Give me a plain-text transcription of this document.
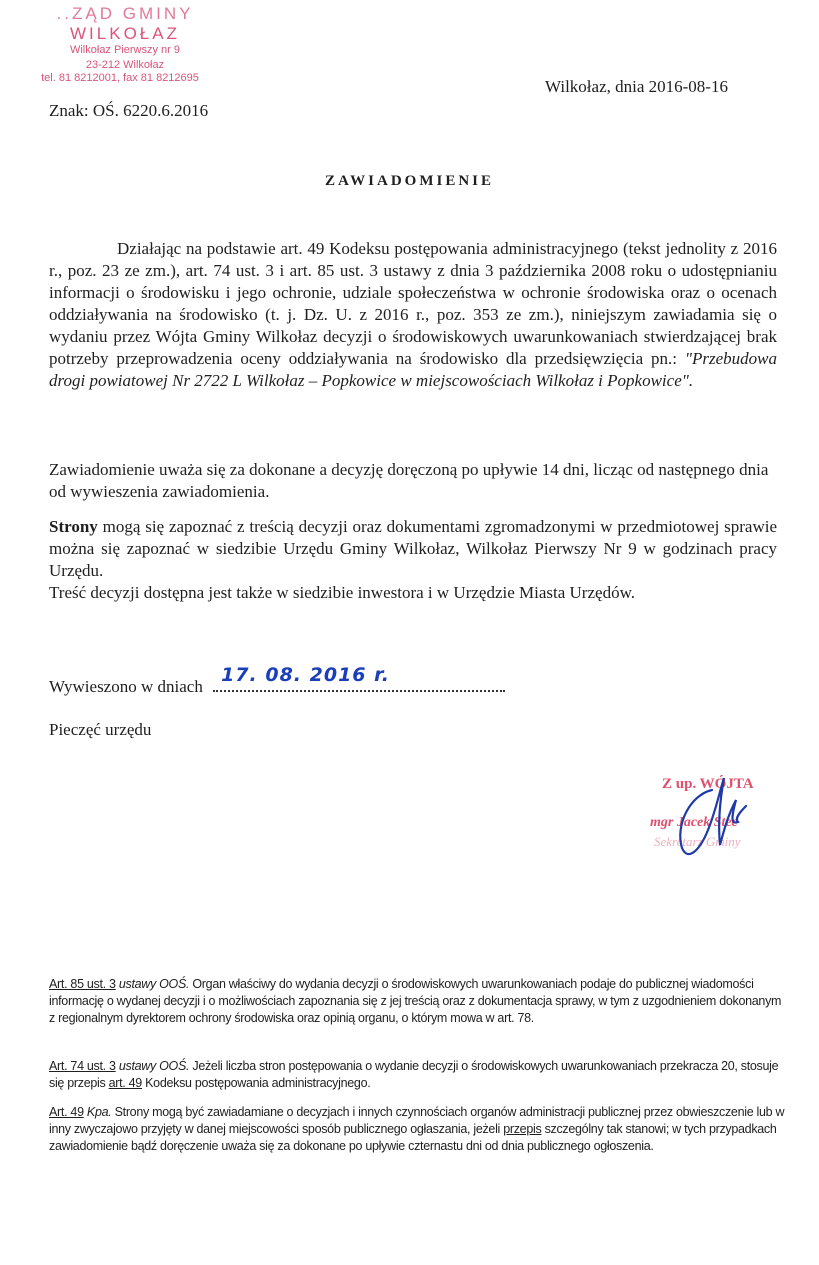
..ZĄD GMINY
WILKOŁAZ
Wilkołaz Pierwszy nr 9
23-212 Wilkołaz
tel. 81 8212001, fax 81 8212695
Znak: OŚ. 6220.6.2016
Wilkołaz, dnia 2016-08-16
ZAWIADOMIENIE
Działając na podstawie art. 49 Kodeksu postępowania administracyjnego (tekst jednolity z 2016 r., poz. 23 ze zm.), art. 74 ust. 3 i art. 85 ust. 3 ustawy z dnia 3 października 2008 roku o udostępnianiu informacji o środowisku i jego ochronie, udziale społeczeństwa w ochronie środowiska oraz o ocenach oddziaływania na środowisko (t. j. Dz. U. z 2016 r., poz. 353 ze zm.), niniejszym zawiadamia się o wydaniu przez Wójta Gminy Wilkołaz decyzji o środowiskowych uwarunkowaniach stwierdzającej brak potrzeby przeprowadzenia oceny oddziaływania na środowisko dla przedsięwzięcia pn.: "Przebudowa drogi powiatowej Nr 2722 L Wilkołaz – Popkowice w miejscowościach Wilkołaz i Popkowice".
Zawiadomienie uważa się za dokonane a decyzję doręczoną po upływie 14 dni, licząc od następnego dnia od wywieszenia zawiadomienia.
Strony mogą się zapoznać z treścią decyzji oraz dokumentami zgromadzonymi w przedmiotowej sprawie można się zapoznać w siedzibie Urzędu Gminy Wilkołaz, Wilkołaz Pierwszy Nr 9 w godzinach pracy Urzędu.
Treść decyzji dostępna jest także w siedzibie inwestora i w Urzędzie Miasta Urzędów.
Wywieszono w dniach
17. 08. 2016 r.
Pieczęć urzędu
Z up. WÓJTA
mgr Jacek Stec
Sekretarz Gminy
Art. 85 ust. 3 ustawy OOŚ. Organ właściwy do wydania decyzji o środowiskowych uwarunkowaniach podaje do publicznej wiadomości informację o wydanej decyzji i o możliwościach zapoznania się z jej treścią oraz z dokumentacja sprawy, w tym z uzgodnieniem dokonanym z regionalnym dyrektorem ochrony środowiska oraz opinią organu, o którym mowa w art. 78.
Art. 74 ust. 3 ustawy OOŚ. Jeżeli liczba stron postępowania o wydanie decyzji o środowiskowych uwarunkowaniach przekracza 20, stosuje się przepis art. 49 Kodeksu postępowania administracyjnego.
Art. 49 Kpa. Strony mogą być zawiadamiane o decyzjach i innych czynnościach organów administracji publicznej przez obwieszczenie lub w inny zwyczajowo przyjęty w danej miejscowości sposób publicznego ogłaszania, jeżeli przepis szczególny tak stanowi; w tych przypadkach zawiadomienie bądź doręczenie uważa się za dokonane po upływie czternastu dni od dnia publicznego ogłoszenia.
